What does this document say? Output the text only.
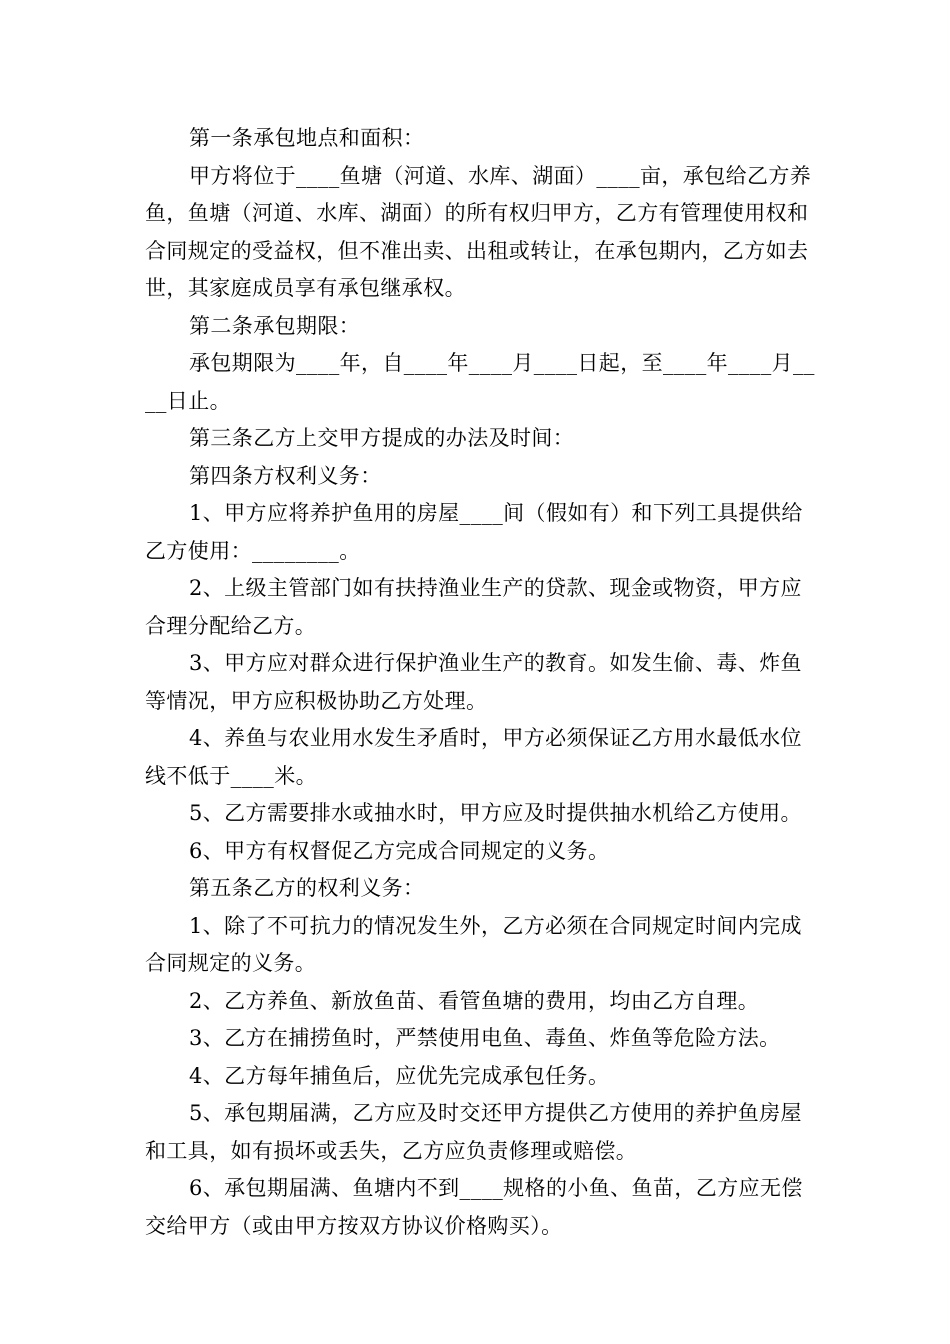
第一条承包地点和面积：

甲方将位于____鱼塘（河道、水库、湖面）____亩，承包给乙方养鱼，鱼塘（河道、水库、湖面）的所有权归甲方，乙方有管理使用权和合同规定的受益权，但不准出卖、出租或转让，在承包期内，乙方如去世，其家庭成员享有承包继承权。

第二条承包期限：

承包期限为____年，自____年____月____日起，至____年____月____日止。

第三条乙方上交甲方提成的办法及时间：

第四条方权利义务：

1、甲方应将养护鱼用的房屋____间（假如有）和下列工具提供给乙方使用：________。

2、上级主管部门如有扶持渔业生产的贷款、现金或物资，甲方应合理分配给乙方。

3、甲方应对群众进行保护渔业生产的教育。如发生偷、毒、炸鱼等情况，甲方应积极协助乙方处理。

4、养鱼与农业用水发生矛盾时，甲方必须保证乙方用水最低水位线不低于____米。

5、乙方需要排水或抽水时，甲方应及时提供抽水机给乙方使用。

6、甲方有权督促乙方完成合同规定的义务。

第五条乙方的权利义务：

1、除了不可抗力的情况发生外，乙方必须在合同规定时间内完成合同规定的义务。

2、乙方养鱼、新放鱼苗、看管鱼塘的费用，均由乙方自理。

3、乙方在捕捞鱼时，严禁使用电鱼、毒鱼、炸鱼等危险方法。

4、乙方每年捕鱼后，应优先完成承包任务。

5、承包期届满，乙方应及时交还甲方提供乙方使用的养护鱼房屋和工具，如有损坏或丢失，乙方应负责修理或赔偿。

6、承包期届满、鱼塘内不到____规格的小鱼、鱼苗，乙方应无偿交给甲方（或由甲方按双方协议价格购买）。
